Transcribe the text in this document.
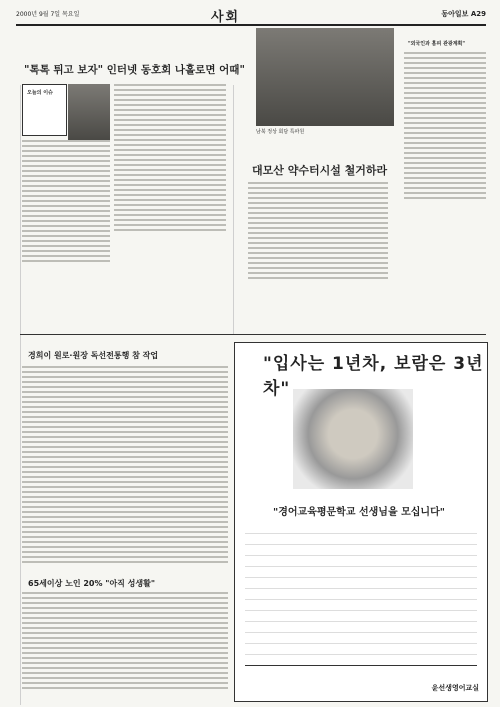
2000년 9월 7일 목요일	사회	동아일보 A29
"톡톡 튀고 보자" 인터넷 동호회 나홀로면 어때"
오늘의 이슈
남북 정상 회담 특파원
대모산 약수터시설 철거하라
"외국인과 홈피 관광계획"
경희이 원로·원장 독선전통행 참 작업
65세이상 노인 20% "아직 성생활"
"입사는 1년차, 보람은 3년차"
"경어교육평문학교 선생님을 모십니다"
윤선생영어교실
